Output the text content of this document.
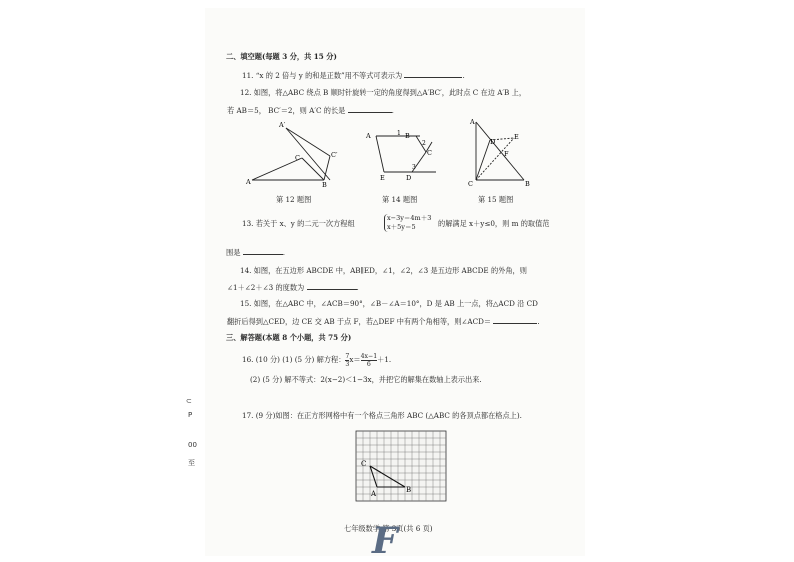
二、填空题(每题 3 分，共 15 分)
11. “x 的 2 倍与 y 的和是正数”用不等式可表示为	.
12. 如图，将△ABC 绕点 B 顺时针旋转一定的角度得到△A′BC′，此时点 C 在边 A′B 上，
若 AB＝5， BC′＝2，则 A′C 的长是	.
A′
C′
C
A	B
A	1 B
2
C
3
E	D
A
D
E
F
C	B
第 12 题图	第 14 题图	第 15 题图
13. 若关于 x、y 的二元一次方程组
x−3y＝4m＋3
x＋5y＝5	的解满足 x＋y≤0，则 m 的取值范
围是	.
14. 如图，在五边形 ABCDE 中，AB∥ED，∠1，∠2，∠3 是五边形 ABCDE 的外角，则
∠1＋∠2＋∠3 的度数为	.
15. 如图，在△ABC 中，∠ACB＝90°，∠B－∠A＝10°，D 是 AB 上一点，将△ACD 沿 CD
翻折后得到△CED，边 CE 交 AB 于点 F，若△DEF 中有两个角相等，则∠ACD＝	.
三、解答题(本题 8 个小题，共 75 分)
16. (10 分) (1) (5 分) 解方程： $\frac{7}{3} x= \frac{4x-1}{6} +1$.
(2) (5 分) 解不等式：2(x−2)＜1−3x，并把它的解集在数轴上表示出来.
17. (9 分)如图：在正方形网格中有一个格点三角形 ABC (△ABC 的各顶点都在格点上).
C
A	B
七年级数学 第 3页(共 6 页)
F
⊂
P
00
至
